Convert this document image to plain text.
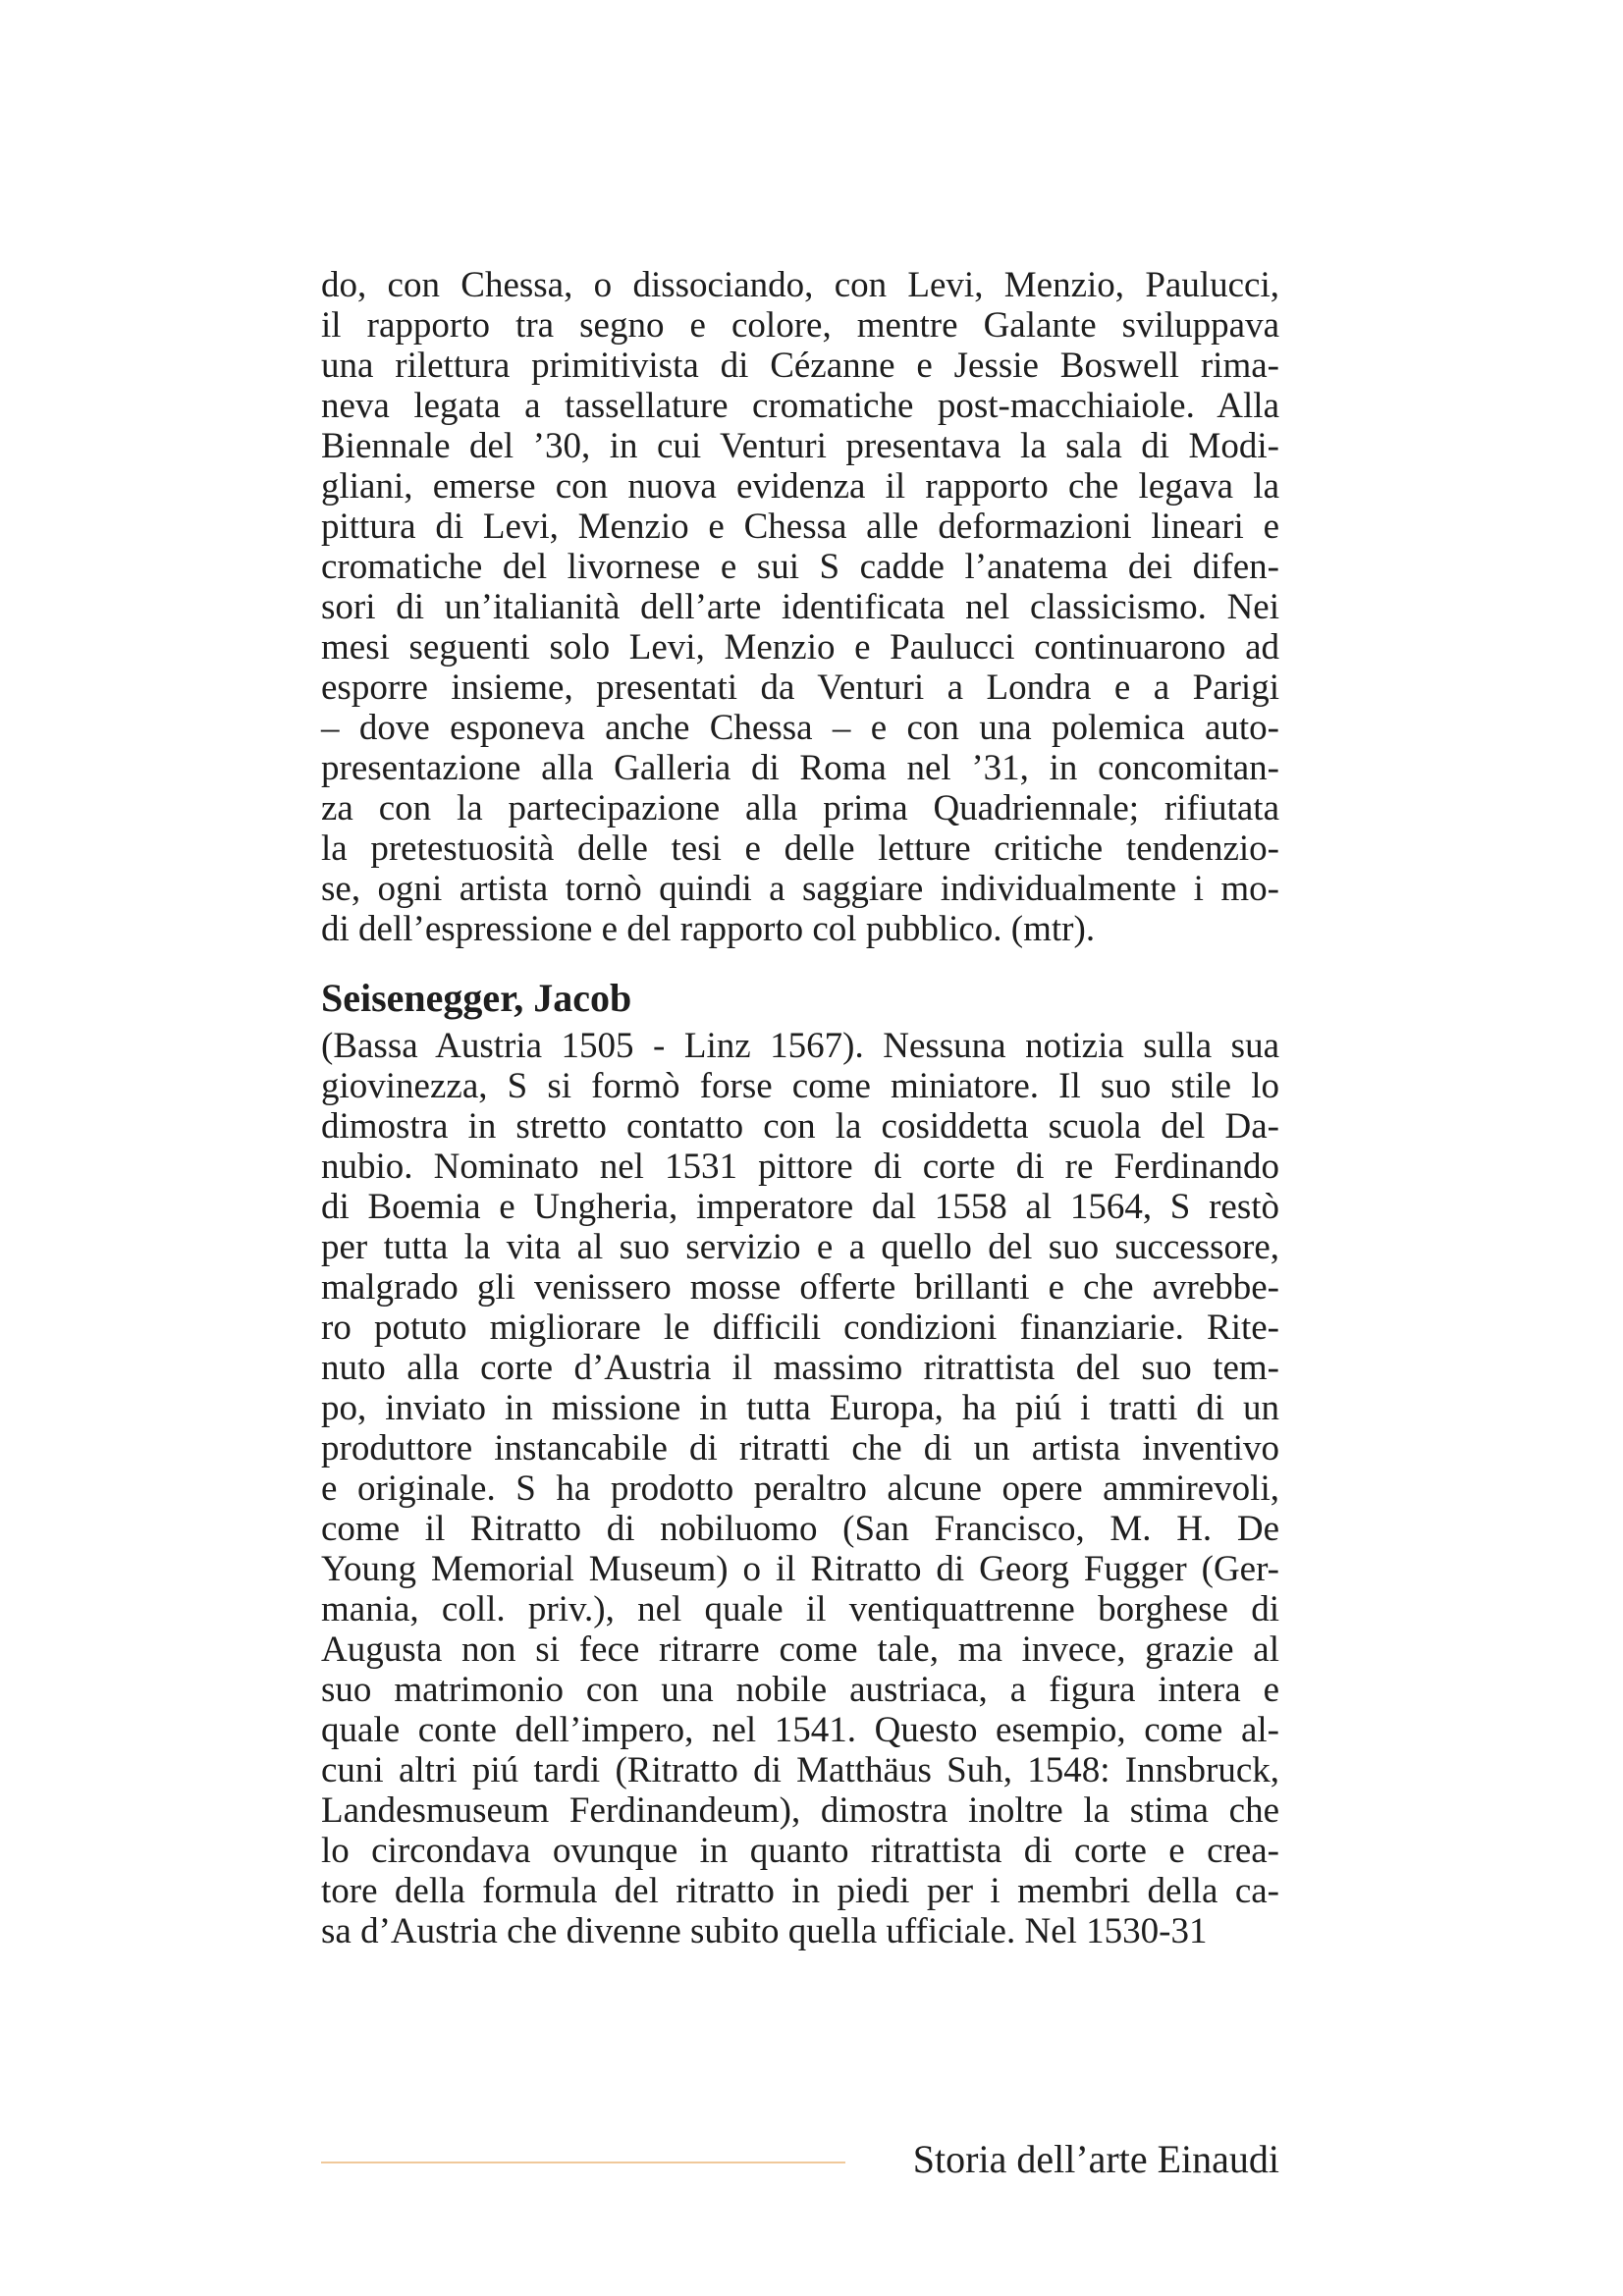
do, con Chessa, o dissociando, con Levi, Menzio, Paulucci,
il rapporto tra segno e colore, mentre Galante sviluppava
una rilettura primitivista di Cézanne e Jessie Boswell rima-
neva legata a tassellature cromatiche post-macchiaiole. Alla
Biennale del ’30, in cui Venturi presentava la sala di Modi-
gliani, emerse con nuova evidenza il rapporto che legava la
pittura di Levi, Menzio e Chessa alle deformazioni lineari e
cromatiche del livornese e sui S cadde l’anatema dei difen-
sori di un’italianità dell’arte identificata nel classicismo. Nei
mesi seguenti solo Levi, Menzio e Paulucci continuarono ad
esporre insieme, presentati da Venturi a Londra e a Parigi
– dove esponeva anche Chessa – e con una polemica auto-
presentazione alla Galleria di Roma nel ’31, in concomitan-
za con la partecipazione alla prima Quadriennale; rifiutata
la pretestuosità delle tesi e delle letture critiche tendenzio-
se, ogni artista tornò quindi a saggiare individualmente i mo-
di dell’espressione e del rapporto col pubblico. (mtr).
Seisenegger, Jacob
(Bassa Austria 1505 - Linz 1567). Nessuna notizia sulla sua
giovinezza, S si formò forse come miniatore. Il suo stile lo
dimostra in stretto contatto con la cosiddetta scuola del Da-
nubio. Nominato nel 1531 pittore di corte di re Ferdinando
di Boemia e Ungheria, imperatore dal 1558 al 1564, S restò
per tutta la vita al suo servizio e a quello del suo successore,
malgrado gli venissero mosse offerte brillanti e che avrebbe-
ro potuto migliorare le difficili condizioni finanziarie. Rite-
nuto alla corte d’Austria il massimo ritrattista del suo tem-
po, inviato in missione in tutta Europa, ha piú i tratti di un
produttore instancabile di ritratti che di un artista inventivo
e originale. S ha prodotto peraltro alcune opere ammirevoli,
come il Ritratto di nobiluomo (San Francisco, M. H. De
Young Memorial Museum) o il Ritratto di Georg Fugger (Ger-
mania, coll. priv.), nel quale il ventiquattrenne borghese di
Augusta non si fece ritrarre come tale, ma invece, grazie al
suo matrimonio con una nobile austriaca, a figura intera e
quale conte dell’impero, nel 1541. Questo esempio, come al-
cuni altri piú tardi (Ritratto di Matthäus Suh, 1548: Innsbruck,
Landesmuseum Ferdinandeum), dimostra inoltre la stima che
lo circondava ovunque in quanto ritrattista di corte e crea-
tore della formula del ritratto in piedi per i membri della ca-
sa d’Austria che divenne subito quella ufficiale. Nel 1530-31
Storia dell’arte Einaudi
